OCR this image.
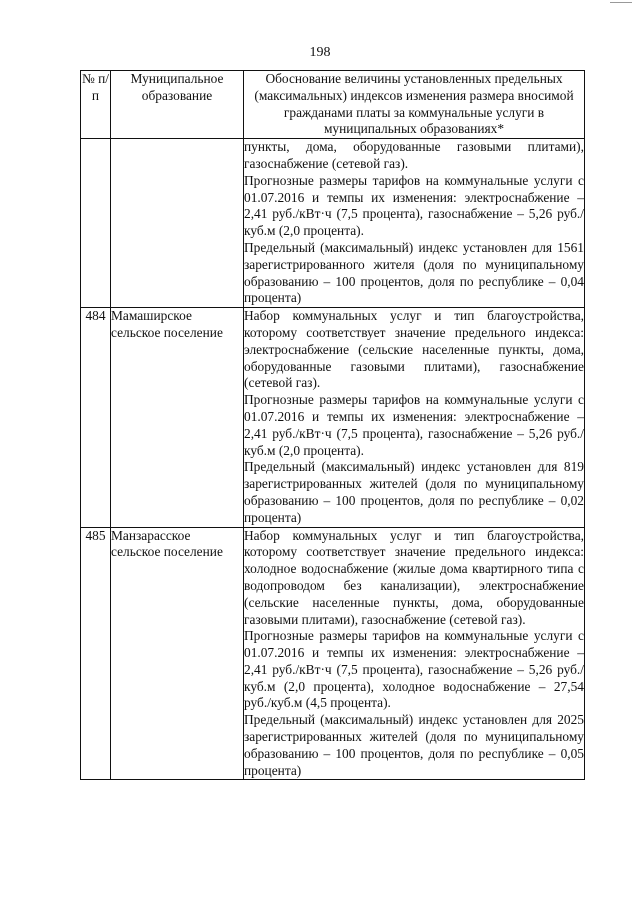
198
№ п/п	Муниципальное образование	Обоснование величины установленных предельных (максимальных) индексов изменения размера вносимой гражданами платы за коммунальные услуги в муниципальных образованиях*

		пункты, дома, оборудованные газовыми плитами), газоснабжение (сетевой газ).

Прогнозные размеры тарифов на коммунальные услуги с 01.07.2016 и темпы их изменения: электроснабжение – 2,41 руб./кВт·ч (7,5 процента), газоснабжение – 5,26 руб./куб.м (2,0 процента).

Предельный (максимальный) индекс установлен для 1561 зарегистрированного жителя (доля по муниципальному образованию – 100 процентов, доля по республике – 0,04 процента)

484	Мамаширское сельское поселение	Набор коммунальных услуг и тип благоустройства, которому соответствует значение предельного индекса: электроснабжение (сельские населенные пункты, дома, оборудованные газовыми плитами), газоснабжение (сетевой газ).

Прогнозные размеры тарифов на коммунальные услуги с 01.07.2016 и темпы их изменения: электроснабжение – 2,41 руб./кВт·ч (7,5 процента), газоснабжение – 5,26 руб./куб.м (2,0 процента).

Предельный (максимальный) индекс установлен для 819 зарегистрированных жителей (доля по муниципальному образованию – 100 процентов, доля по республике – 0,02 процента)

485	Манзарасское сельское поселение	Набор коммунальных услуг и тип благоустройства, которому соответствует значение предельного индекса: холодное водоснабжение (жилые дома квартирного типа с водопроводом без канализации), электроснабжение (сельские населенные пункты, дома, оборудованные газовыми плитами), газоснабжение (сетевой газ).

Прогнозные размеры тарифов на коммунальные услуги с 01.07.2016 и темпы их изменения: электроснабжение – 2,41 руб./кВт·ч (7,5 процента), газоснабжение – 5,26 руб./куб.м (2,0 процента), холодное водоснабжение – 27,54 руб./куб.м (4,5 процента).

Предельный (максимальный) индекс установлен для 2025 зарегистрированных жителей (доля по муниципальному образованию – 100 процентов, доля по республике – 0,05 процента)
